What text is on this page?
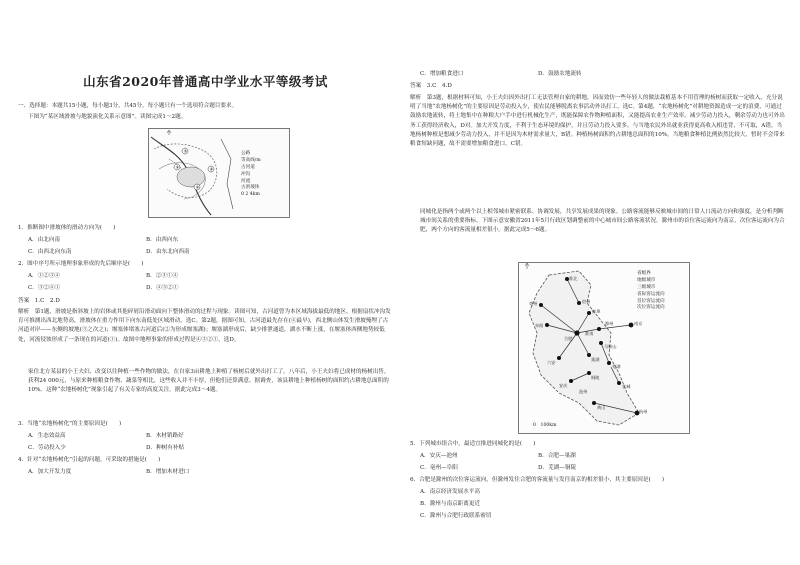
山东省2020年普通高中学业水平等级考试
一、选择题：本题共15小题，每小题3分，共45分。每小题只有一个选项符合题目要求。
下图为“某区域滑坡与地貌演化关系示意图”。读图完成1～2题。
①
②
③
④
公路
等高线/m
古河道
冲沟
河流
古滑坡体
0 2 4km
1．推断图中滑坡体的滑动方向为(　　)
A．由北向南	B．由西向东
C．由西北向东南	D．由东北向西南
2．图中序号所示地理事象形成的先后顺序是(　　)
A．①②③④	B．②③①④
C．③②④①	D．④③②①
答案　1.C　2.D
解析　第1题，滑坡是指斜坡上的岩体或其他碎屑沿滑动面向下整体滑动的过程与现象。读图可知，古河道曾为本区域海拔最低的地区，根据扇状冲沟发育可推测出西北地势高，滑坡体在重力作用下向东南低处区域滑动，选C。第2题，据图可知，古河道最先存在(④最早)，西北侧山体发生滑坡掩埋了古河道对岸——东侧的坡地(③之次之)；堰塞体堵塞古河道后(②为形成堰塞湖)；堰塞湖形成后，缺少排泄通道，湖水不断上涨，在堰塞体西侧地势较低处，河流侵蚀形成了一条现在的河道(①)。故图中地理事象的形成过程是④③②①，选D。
家住北方某县的小王夫妇，改变以往种植一些作物的做法，在自家3亩耕地上种植了杨树后就外出打工了。八年后，小王夫妇将已成材的杨树出售，获利24 000元，与原来种植粮食作物、蔬菜等相比，这些收入并不丰厚，但他们还算满意。据调查，该县耕地上种植杨树的面积约占耕地总面积的10%。这种“农地杨树化”现象引起了有关专家的高度关注。据此完成3～4题。
3．当地“农地杨树化”的主要原因是(　　)
A．生态效益高	B．木材销路好
C．劳动投入少	D．种树有补贴
4．针对“农地杨树化”引起的问题，可采取的措施是(　　)
A．加大开发力度	B．增加木材进口
C．增加粮食进口	D．鼓励农地流转
答案　3.C　4.D
解析　第3题，根据材料可知，小王夫妇因外出打工无法管理自家的耕地，因而效仿一些年轻人的做法栽植基本不用管理的杨树而获取一定收入，充分说明了当地“农地杨树化”的主要原因是劳动投入少，使农民能够脱离农事活动外出打工，选C。第4题，“农地杨树化”对耕地资源造成一定的浪费，可通过鼓励农地流转，将土地集中在种粮大户手中进行机械化生产，既能保障农作物种植面积，又能提高农业生产效率，减少劳动力投入，剩余劳动力也可外出务工获得经济收入，D对。加大开发力度，不利于生态环境的保护，并且劳动力投入要多，与当地农民外出就业获得更高收入相违背，不可取，A错。当地杨树种植是想减少劳动力投入，并不是因为木材需求量大，B错。种植杨树面积约占耕地总面积的10%，当地粮食种植比例依然比较大，暂时不会带来粮食短缺问题，故不需要增加粮食进口，C错。
同城化是指两个或两个以上相邻城市紧密联系、协调发展，共享发展成果的现象。公路客流能够反映城市间的日常人口流动方向和强度，是分析判断城市间关系的重要指标。下图示意安徽省2011年5月行政区划调整前的中心城市间公路客流状况。滁州市的首位客运流向为南京，次位客运流向为合肥，两个方向的客流量相差很小。据此完成5～6题。
淮北
宿州
亳州
阜阳
蚌埠
淮南
滁州	南京
合肥
六安
巢湖
马鞍山
芜湖
安庆
铜陵
池州
宣城
黄山
杭州
省级界
地级城市
三级城市
省际客运流向
首位客运流向
次位客运流向
0　100km
5．下列城市组合中，最适宜推进同城化的是(　　)
A．安庆—池州	B．合肥—巢湖
C．亳州—阜阳	D．芜湖—铜陵
6．合肥是滁州的次位客运流向，但滁州发往合肥的客流量与发往南京的相差很小，其主要原因是(　　)
A．南京经济发展水平高
B．滁州与南京距离更近
C．滁州与合肥行政联系密切
